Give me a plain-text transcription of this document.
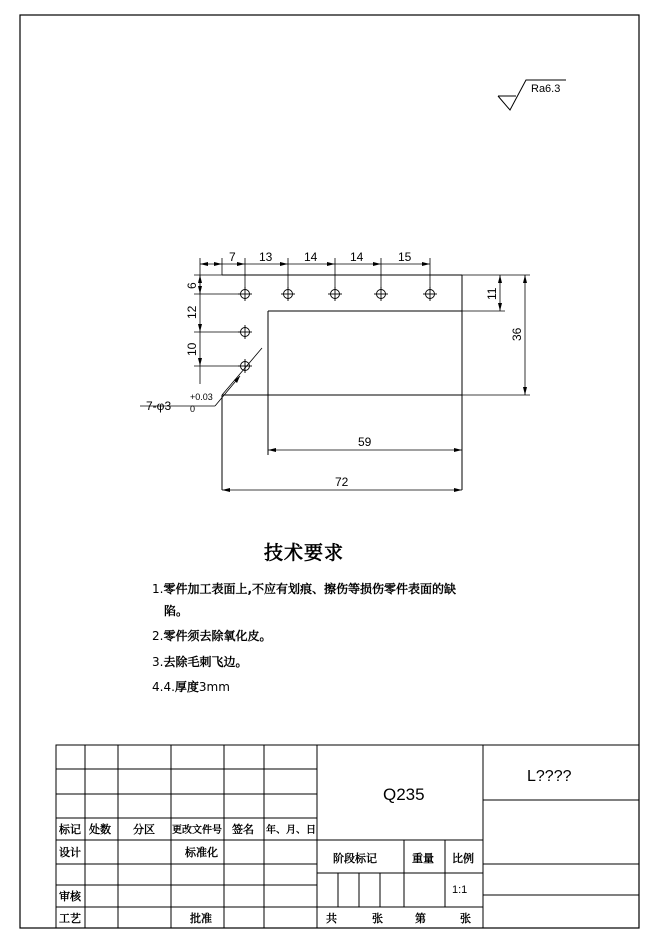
Ra6.3
7 13	14	14	15
6
12
10
11
36
59
72
7-φ3
+0.03
0
标记 处数 分区 更改文件号 签名 年、月、日
设计	标准化
审核
工艺	批准
阶段标记	重量 比例
共	张	第	张
1:1
Q235
L????
技术要求
1.零件加工表面上,不应有划痕、擦伤等损伤零件表面的缺
陷。
2.零件须去除氧化皮。
3.去除毛刺飞边。
4.4.厚度3mm
